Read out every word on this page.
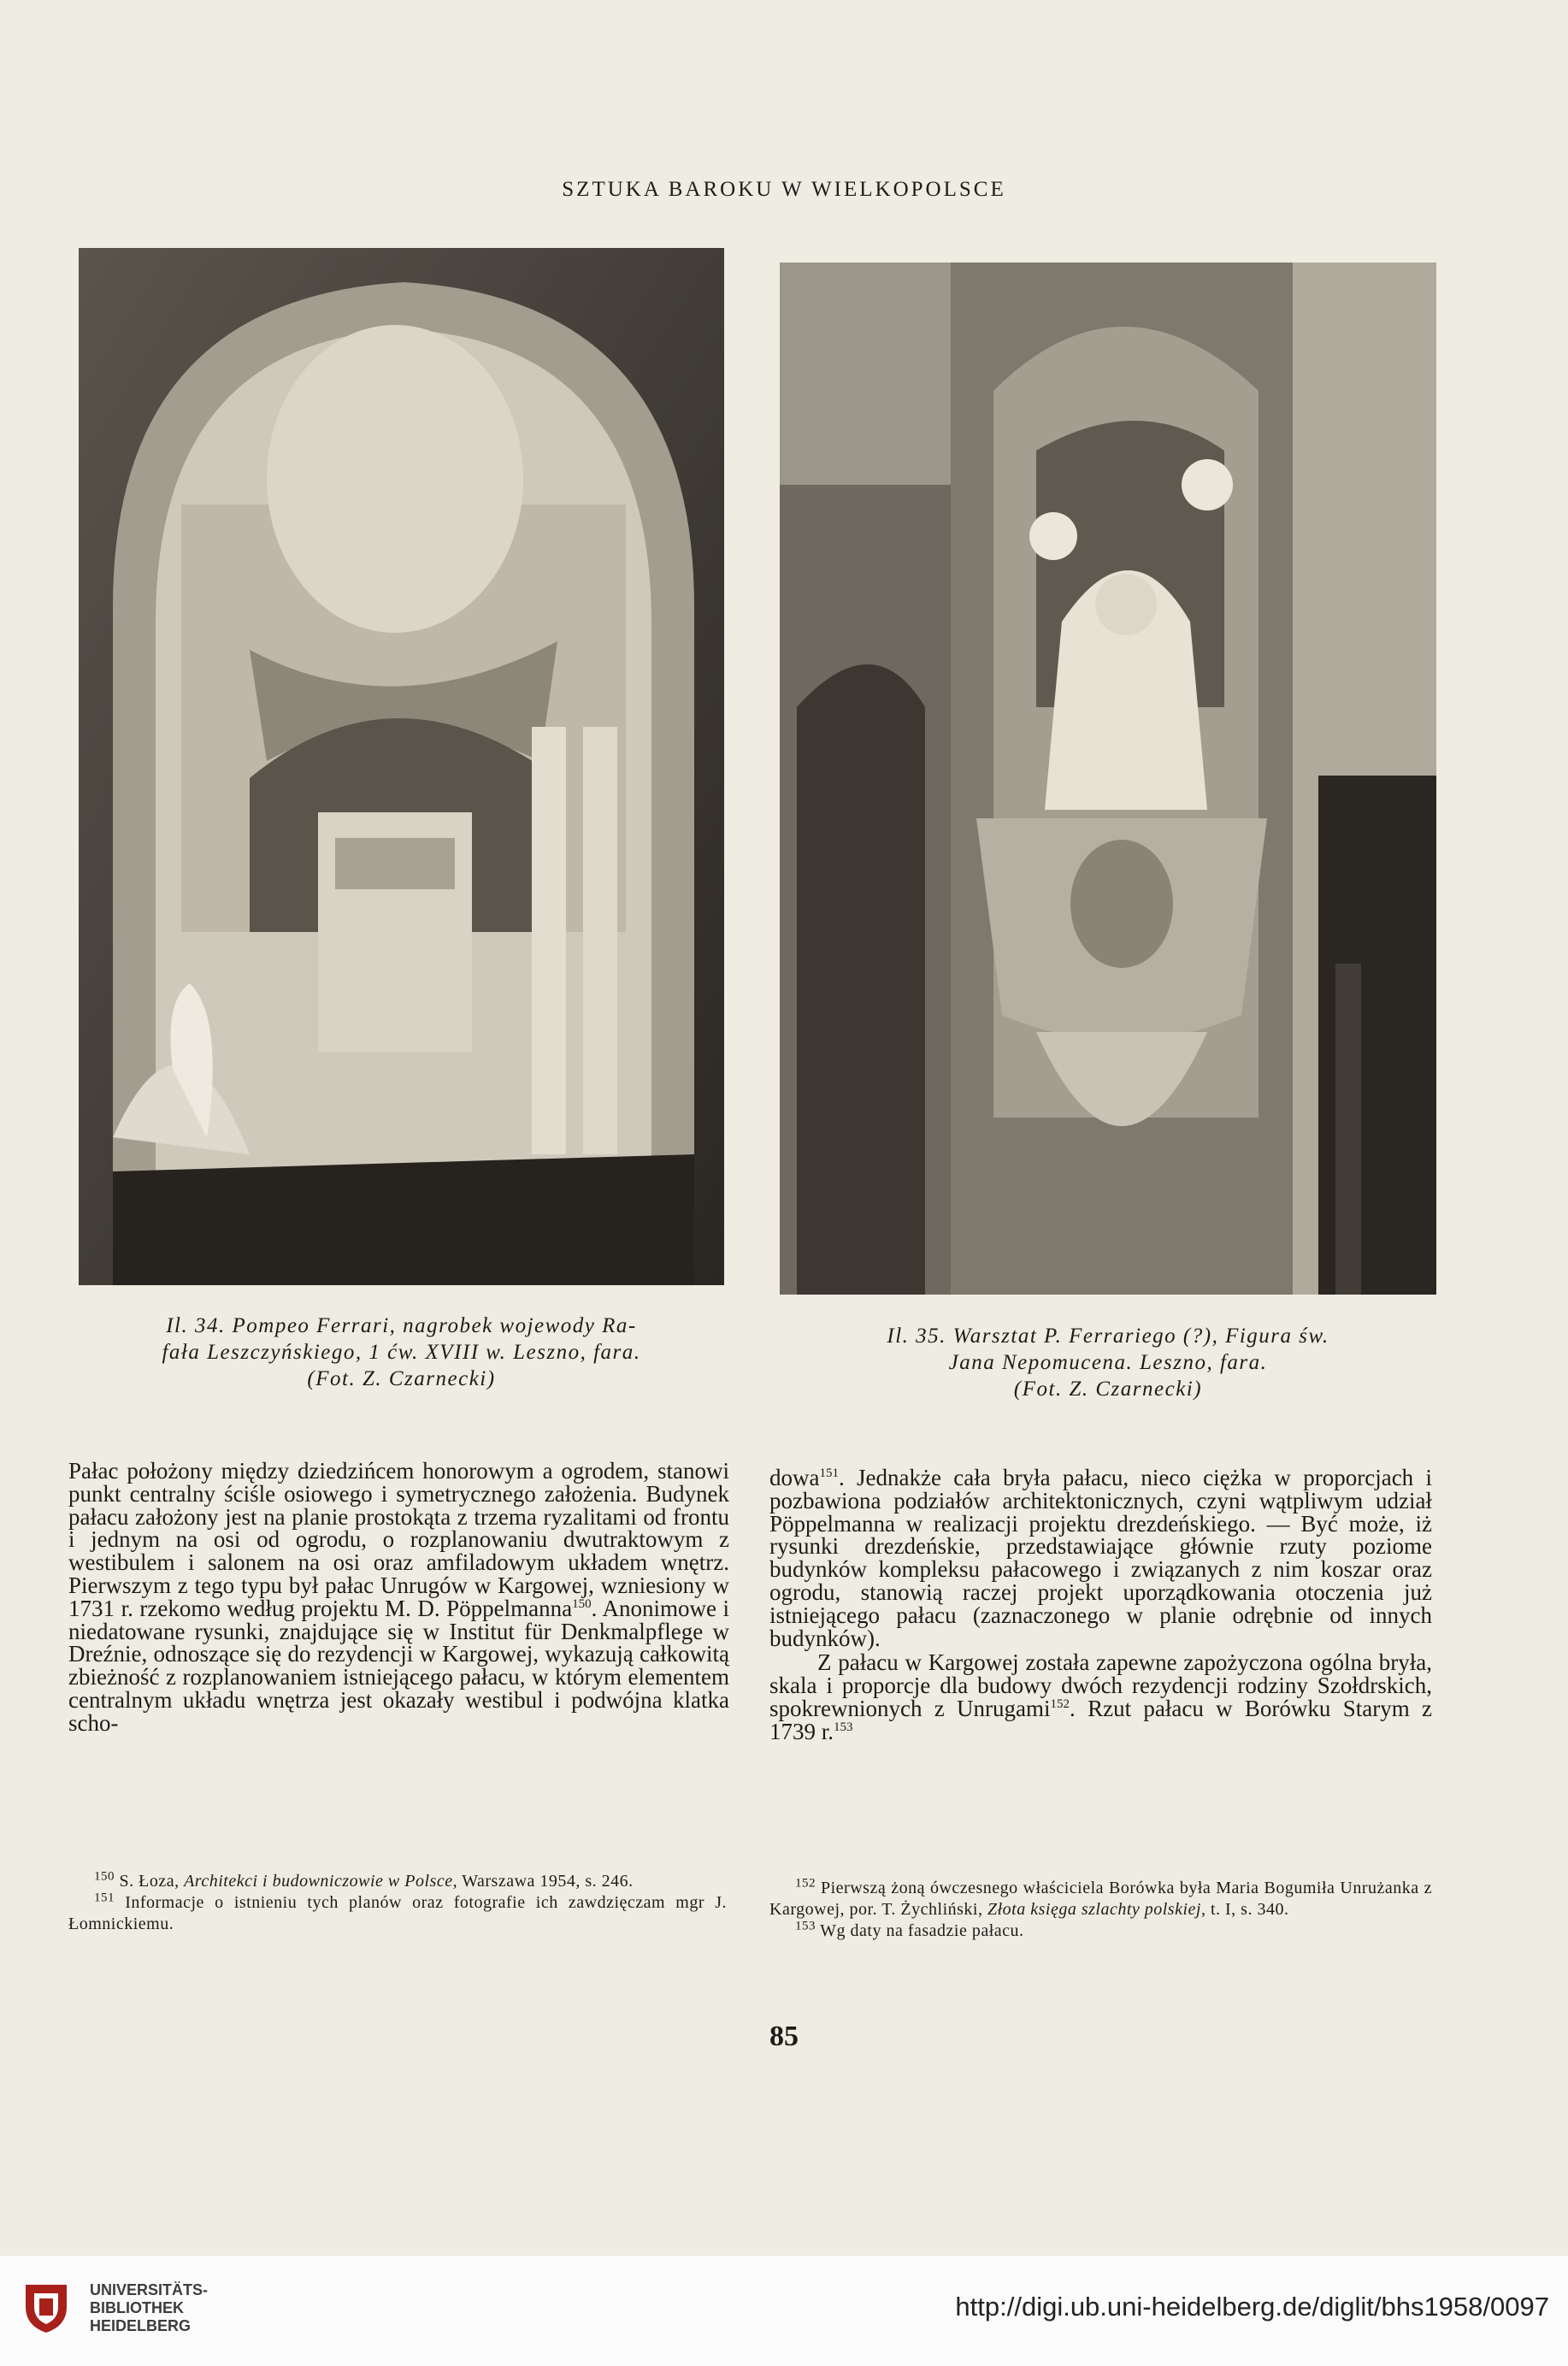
SZTUKA BAROKU W WIELKOPOLSCE
Il. 34. Pompeo Ferrari, nagrobek wojewody Ra-
fała Leszczyńskiego, 1 ćw. XVIII w. Leszno, fara.
(Fot. Z. Czarnecki)
Il. 35. Warsztat P. Ferrariego (?), Figura św.
Jana Nepomucena. Leszno, fara.
(Fot. Z. Czarnecki)

Pałac położony między dziedzińcem honorowym a ogrodem, stanowi punkt centralny ściśle osiowego i symetrycznego założenia. Budynek pałacu założony jest na planie prostokąta z trzema ryzalitami od frontu i jednym na osi od ogrodu, o rozplanowaniu dwutraktowym z westibulem i salonem na osi oraz amfiladowym układem wnętrz. Pierwszym z tego typu był pałac Unrugów w Kargowej, wzniesiony w 1731 r. rzekomo według projektu M. D. Pöppelmanna$^{150}$. Anonimowe i niedatowane rysunki, znajdujące się w Institut für Denkmalpflege w Dreźnie, odnoszące się do rezydencji w Kargowej, wykazują całkowitą zbieżność z rozplanowaniem istniejącego pałacu, w którym elementem centralnym układu wnętrza jest okazały westibul i podwójna klatka scho-

dowa$^{151}$. Jednakże cała bryła pałacu, nieco ciężka w proporcjach i pozbawiona podziałów architektonicznych, czyni wątpliwym udział Pöppelmanna w realizacji projektu drezdeńskiego. — Być może, iż rysunki drezdeńskie, przedstawiające głównie rzuty poziome budynków kompleksu pałacowego i związanych z nim koszar oraz ogrodu, stanowią raczej projekt uporządkowania otoczenia już istniejącego pałacu (zaznaczonego w planie odrębnie od innych budynków).

Z pałacu w Kargowej została zapewne zapożyczona ogólna bryła, skala i proporcje dla budowy dwóch rezydencji rodziny Szołdrskich, spokrewnionych z Unrugami$^{152}$. Rzut pałacu w Borówku Starym z 1739 r.$^{153}$

$^{150}$ S. Łoza, Architekci i budowniczowie w Polsce, Warszawa 1954, s. 246.

$^{151}$ Informacje o istnieniu tych planów oraz fotografie ich zawdzięczam mgr J. Łomnickiemu.

$^{152}$ Pierwszą żoną ówczesnego właściciela Borówka była Maria Bogumiła Unrużanka z Kargowej, por. T. Żychliński, Złota księga szlachty polskiej, t. I, s. 340.

$^{153}$ Wg daty na fasadzie pałacu.

85
UNIVERSITÄTS-
BIBLIOTHEK
HEIDELBERG
http://digi.ub.uni-heidelberg.de/diglit/bhs1958/0097
